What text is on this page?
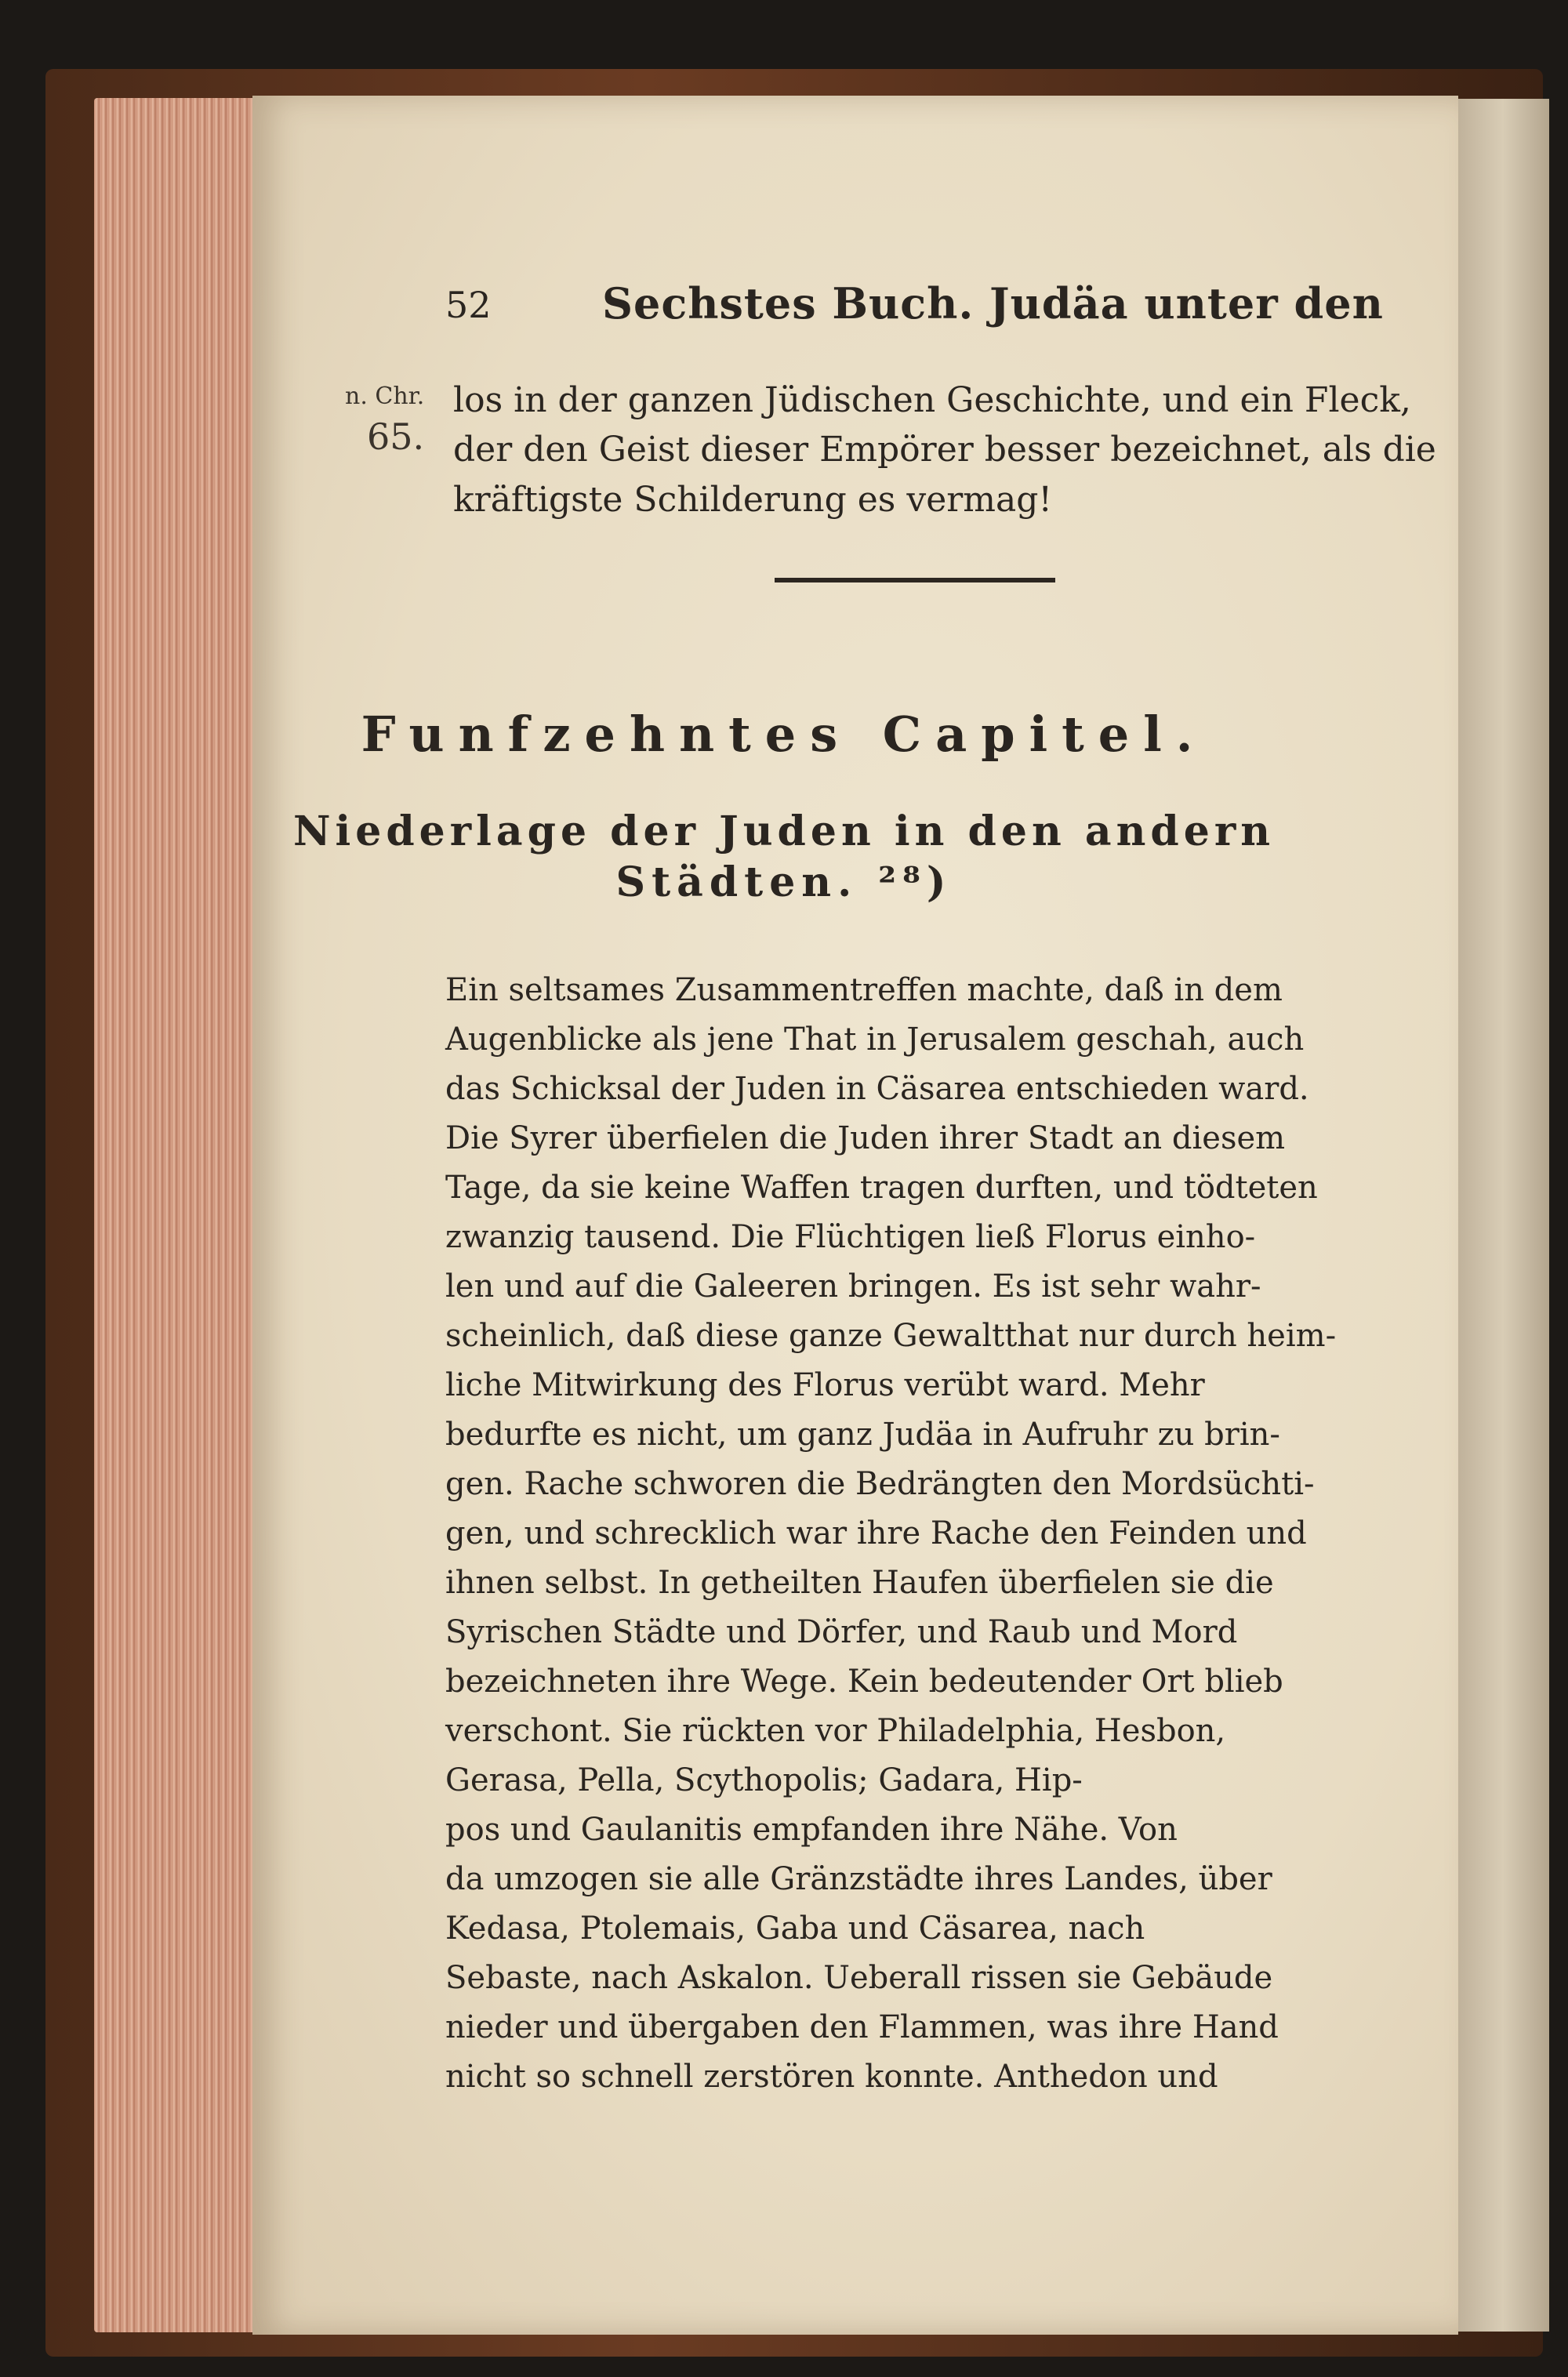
52	Sechstes Buch. Judäa unter den
n. Chr.
65.
los in der ganzen Jüdischen Geschichte, und ein Fleck,
der den Geist dieser Empörer besser bezeichnet, als die
kräftigste Schilderung es vermag!
Funfzehntes Capitel.
Niederlage der Juden in den andern
Städten. ²⁸)
Ein seltsames Zusammentreffen machte, daß in dem
Augenblicke als jene That in Jerusalem geschah, auch
das Schicksal der Juden in Cäsarea entschieden ward.
Die Syrer überfielen die Juden ihrer Stadt an diesem
Tage, da sie keine Waffen tragen durften, und tödteten
zwanzig tausend. Die Flüchtigen ließ Florus einho-
len und auf die Galeeren bringen. Es ist sehr wahr-
scheinlich, daß diese ganze Gewaltthat nur durch heim-
liche Mitwirkung des Florus verübt ward. Mehr
bedurfte es nicht, um ganz Judäa in Aufruhr zu brin-
gen. Rache schworen die Bedrängten den Mordsüchti-
gen, und schrecklich war ihre Rache den Feinden und
ihnen selbst. In getheilten Haufen überfielen sie die
Syrischen Städte und Dörfer, und Raub und Mord
bezeichneten ihre Wege. Kein bedeutender Ort blieb
verschont. Sie rückten vor Philadelphia, Hesbon,
Gerasa, Pella, Scythopolis; Gadara, Hip-
pos und Gaulanitis empfanden ihre Nähe. Von
da umzogen sie alle Gränzstädte ihres Landes, über
Kedasa, Ptolemais, Gaba und Cäsarea, nach
Sebaste, nach Askalon. Ueberall rissen sie Gebäude
nieder und übergaben den Flammen, was ihre Hand
nicht so schnell zerstören konnte. Anthedon und
